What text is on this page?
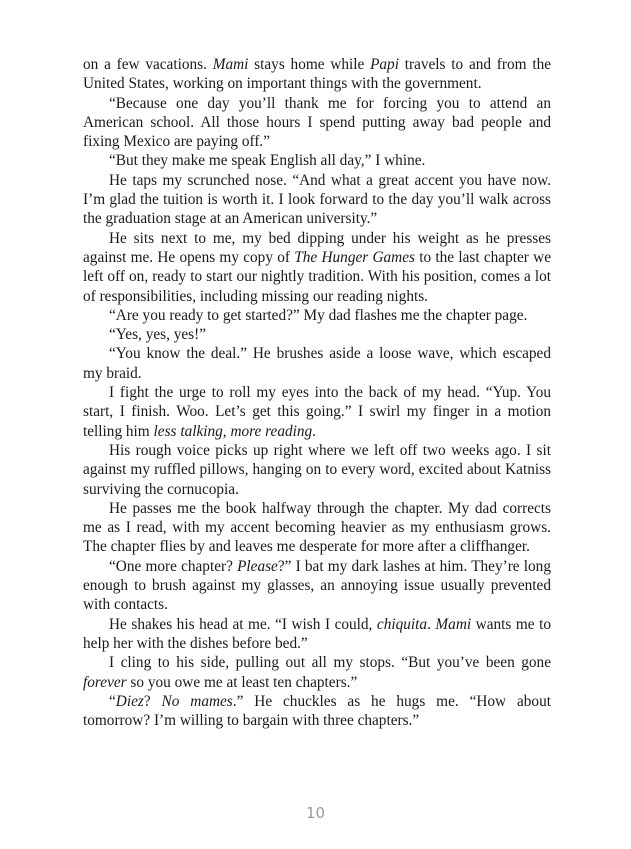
on a few vacations. Mami stays home while Papi travels to and from the United States, working on important things with the government.

“Because one day you’ll thank me for forcing you to attend an American school. All those hours I spend putting away bad people and fixing Mexico are paying off.”

“But they make me speak English all day,” I whine.

He taps my scrunched nose. “And what a great accent you have now. I’m glad the tuition is worth it. I look forward to the day you’ll walk across the graduation stage at an American university.”

He sits next to me, my bed dipping under his weight as he presses against me. He opens my copy of The Hunger Games to the last chapter we left off on, ready to start our nightly tradition. With his position, comes a lot of responsibilities, including missing our reading nights.

“Are you ready to get started?” My dad flashes me the chapter page.

“Yes, yes, yes!”

“You know the deal.” He brushes aside a loose wave, which escaped my braid.

I fight the urge to roll my eyes into the back of my head. “Yup. You start, I finish. Woo. Let’s get this going.” I swirl my finger in a motion telling him less talking, more reading.

His rough voice picks up right where we left off two weeks ago. I sit against my ruffled pillows, hanging on to every word, excited about Katniss surviving the cornucopia.

He passes me the book halfway through the chapter. My dad corrects me as I read, with my accent becoming heavier as my enthusiasm grows. The chapter flies by and leaves me desperate for more after a cliffhanger.

“One more chapter? Please?” I bat my dark lashes at him. They’re long enough to brush against my glasses, an annoying issue usually prevented with contacts.

He shakes his head at me. “I wish I could, chiquita. Mami wants me to help her with the dishes before bed.”

I cling to his side, pulling out all my stops. “But you’ve been gone forever so you owe me at least ten chapters.”

“Diez? No mames.” He chuckles as he hugs me. “How about tomorrow? I’m willing to bargain with three chapters.”

10
